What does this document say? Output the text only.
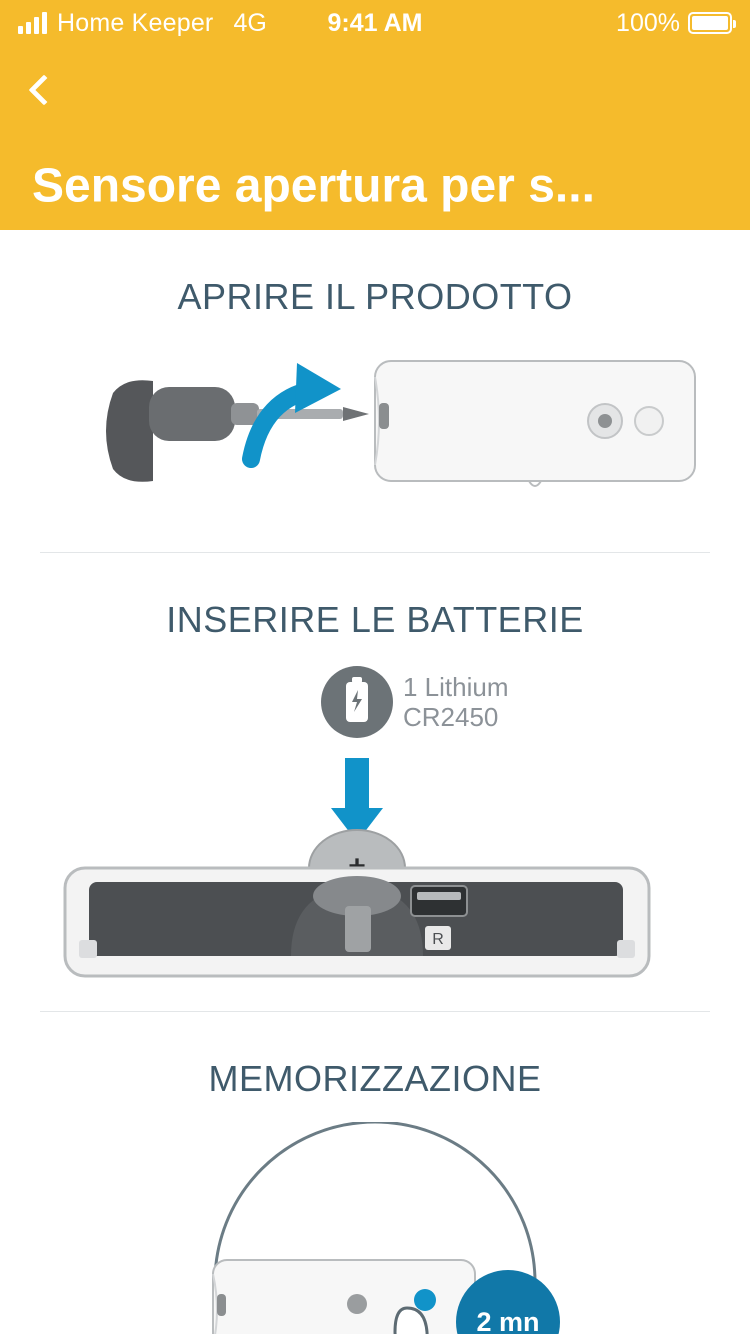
Home Keeper 4G	9:41 AM	100%
Sensore apertura per s...
APRIRE IL PRODOTTO
INSERIRE LE BATTERIE
1 Lithium
CR2450
R
MEMORIZZAZIONE
2 mn
